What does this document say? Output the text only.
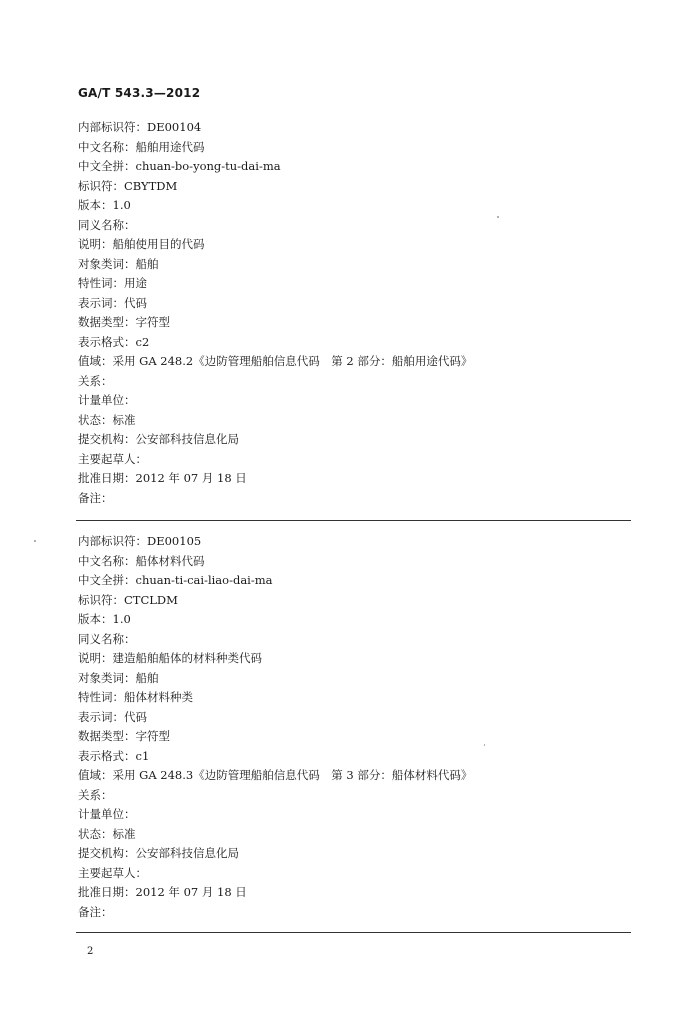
GA/T 543.3—2012
内部标识符：DE00104
中文名称：船舶用途代码
中文全拼：chuan-bo-yong-tu-dai-ma
标识符：CBYTDM
版本：1.0
同义名称：
说明：船舶使用目的代码
对象类词：船舶
特性词：用途
表示词：代码
数据类型：字符型
表示格式：c2
值域：采用 GA 248.2《边防管理船舶信息代码　第 2 部分：船舶用途代码》
关系：
计量单位：
状态：标准
提交机构：公安部科技信息化局
主要起草人：
批准日期：2012 年 07 月 18 日
备注：
内部标识符：DE00105
中文名称：船体材料代码
中文全拼：chuan-ti-cai-liao-dai-ma
标识符：CTCLDM
版本：1.0
同义名称：
说明：建造船舶船体的材料种类代码
对象类词：船舶
特性词：船体材料种类
表示词：代码
数据类型：字符型
表示格式：c1
值域：采用 GA 248.3《边防管理船舶信息代码　第 3 部分：船体材料代码》
关系：
计量单位：
状态：标准
提交机构：公安部科技信息化局
主要起草人：
批准日期：2012 年 07 月 18 日
备注：
2
